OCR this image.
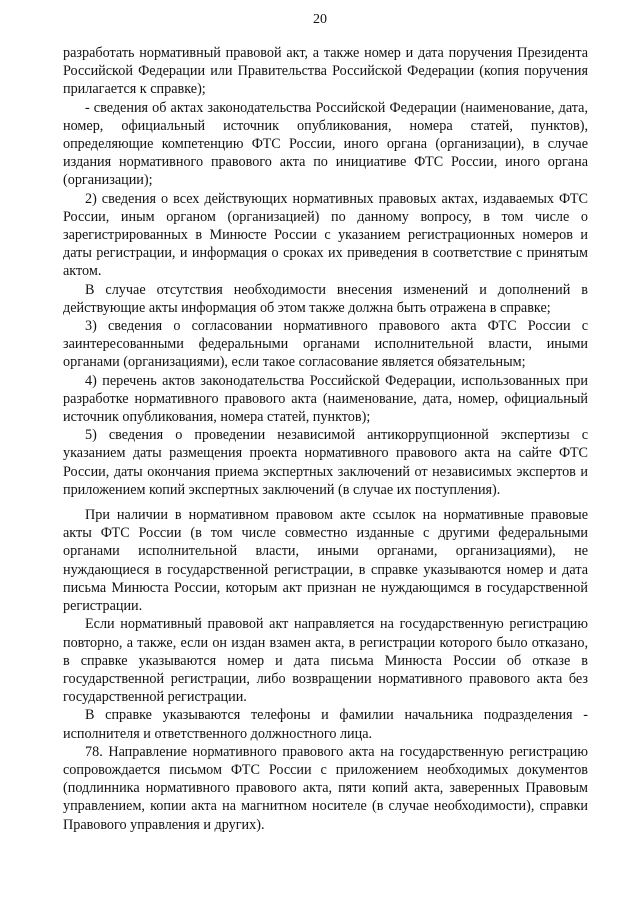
20

разработать нормативный правовой акт, а также номер и дата поручения Президента Российской Федерации или Правительства Российской Федерации (копия поручения прилагается к справке);

- сведения об актах законодательства Российской Федерации (наименование, дата, номер, официальный источник опубликования, номера статей, пунктов), определяющие компетенцию ФТС России, иного органа (организации), в случае издания нормативного правового акта по инициативе ФТС России, иного органа (организации);

2) сведения о всех действующих нормативных правовых актах, издаваемых ФТС России, иным органом (организацией) по данному вопросу, в том числе о зарегистрированных в Минюсте России с указанием регистрационных номеров и даты регистрации, и информация о сроках их приведения в соответствие с принятым актом.

В случае отсутствия необходимости внесения изменений и дополнений в действующие акты информация об этом также должна быть отражена в справке;

3) сведения о согласовании нормативного правового акта ФТС России с заинтересованными федеральными органами исполнительной власти, иными органами (организациями), если такое согласование является обязательным;

4) перечень актов законодательства Российской Федерации, использованных при разработке нормативного правового акта (наименование, дата, номер, официальный источник опубликования, номера статей, пунктов);

5) сведения о проведении независимой антикоррупционной экспертизы с указанием даты размещения проекта нормативного правового акта на сайте ФТС России, даты окончания приема экспертных заключений от независимых экспертов и приложением копий экспертных заключений (в случае их поступления).

При наличии в нормативном правовом акте ссылок на нормативные правовые акты ФТС России (в том числе совместно изданные с другими федеральными органами исполнительной власти, иными органами, организациями), не нуждающиеся в государственной регистрации, в справке указываются номер и дата письма Минюста России, которым акт признан не нуждающимся в государственной регистрации.

Если нормативный правовой акт направляется на государственную регистрацию повторно, а также, если он издан взамен акта, в регистрации которого было отказано, в справке указываются номер и дата письма Минюста России об отказе в государственной регистрации, либо возвращении нормативного правового акта без государственной регистрации.

В справке указываются телефоны и фамилии начальника подразделения - исполнителя и ответственного должностного лица.

78. Направление нормативного правового акта на государственную регистрацию сопровождается письмом ФТС России с приложением необходимых документов (подлинника нормативного правового акта, пяти копий акта, заверенных Правовым управлением, копии акта на магнитном носителе (в случае необходимости), справки Правового управления и других).
